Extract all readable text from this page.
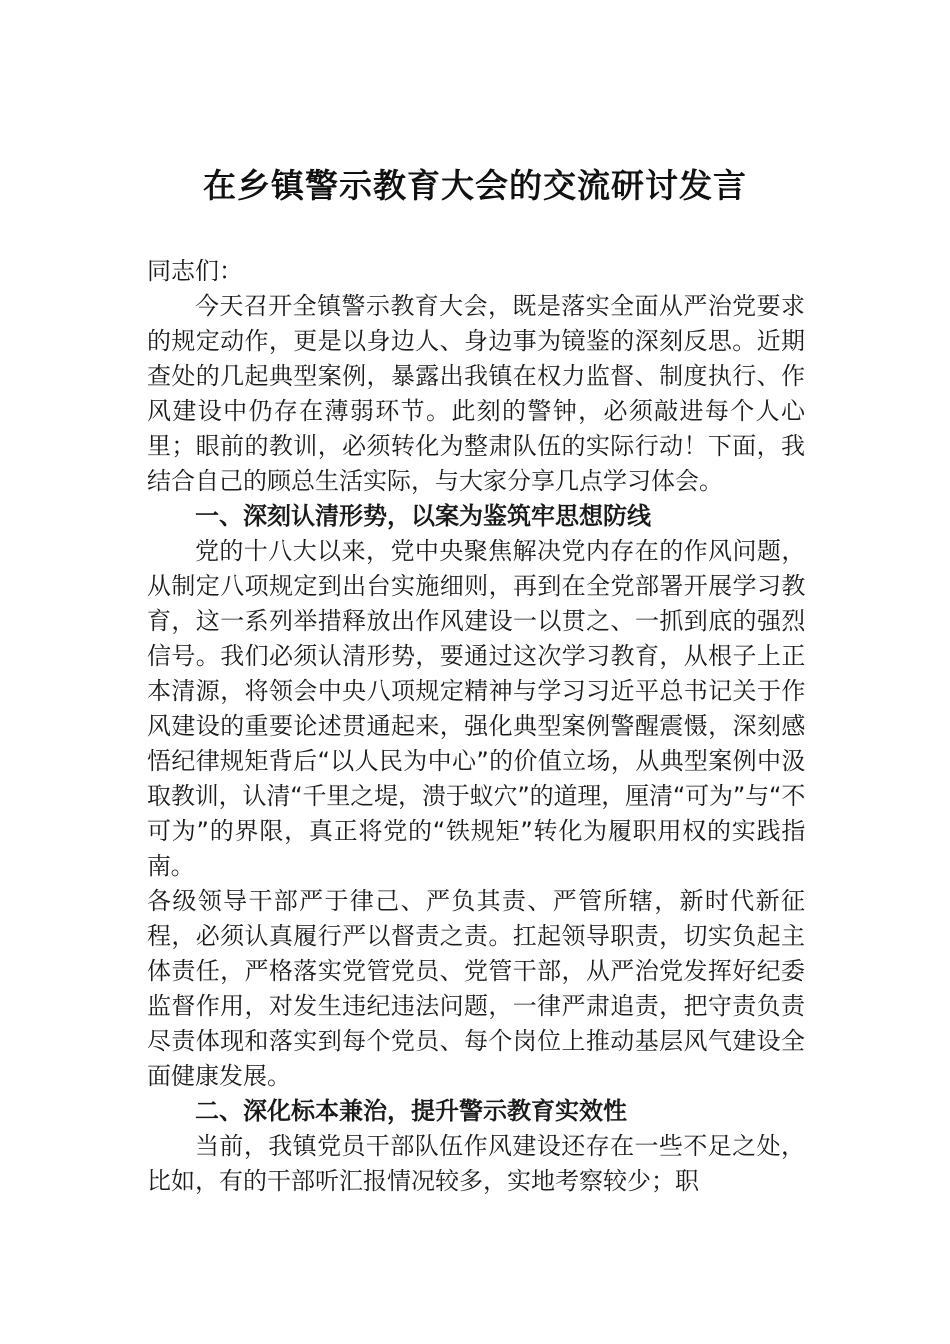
在乡镇警示教育大会的交流研讨发言

同志们：

今天召开全镇警示教育大会，既是落实全面从严治党要求的规定动作，更是以身边人、身边事为镜鉴的深刻反思。近期查处的几起典型案例，暴露出我镇在权力监督、制度执行、作风建设中仍存在薄弱环节。此刻的警钟，必须敲进每个人心里；眼前的教训，必须转化为整肃队伍的实际行动！下面，我结合自己的顾总生活实际，与大家分享几点学习体会。

一、深刻认清形势，以案为鉴筑牢思想防线

党的十八大以来，党中央聚焦解决党内存在的作风问题，从制定八项规定到出台实施细则，再到在全党部署开展学习教育，这一系列举措释放出作风建设一以贯之、一抓到底的强烈信号。我们必须认清形势，要通过这次学习教育，从根子上正本清源，将领会中央八项规定精神与学习习近平总书记关于作风建设的重要论述贯通起来，强化典型案例警醒震慑，深刻感悟纪律规矩背后“以人民为中心”的价值立场，从典型案例中汲取教训，认清“千里之堤，溃于蚁穴”的道理，厘清“可为”与“不可为”的界限，真正将党的“铁规矩”转化为履职用权的实践指南。

各级领导干部严于律己、严负其责、严管所辖，新时代新征程，必须认真履行严以督责之责。扛起领导职责，切实负起主体责任，严格落实党管党员、党管干部，从严治党发挥好纪委监督作用，对发生违纪违法问题，一律严肃追责，把守责负责尽责体现和落实到每个党员、每个岗位上推动基层风气建设全面健康发展。

二、深化标本兼治，提升警示教育实效性

当前，我镇党员干部队伍作风建设还存在一些不足之处，比如，有的干部听汇报情况较多，实地考察较少；职
